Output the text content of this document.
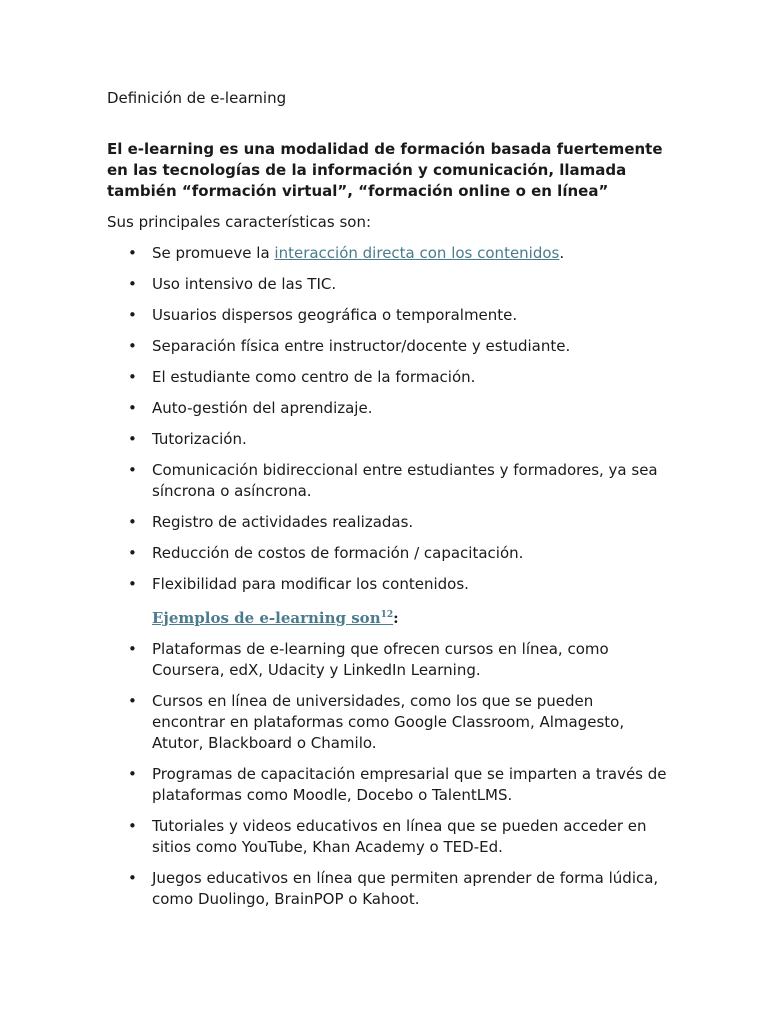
Definición de e-learning

El e-learning es una modalidad de formación basada fuertemente en las tecnologías de la información y comunicación, llamada también “formación virtual”, “formación online o en línea”

Sus principales características son:

• Se promueve la interacción directa con los contenidos.
• Uso intensivo de las TIC.
• Usuarios dispersos geográfica o temporalmente.
• Separación física entre instructor/docente y estudiante.
• El estudiante como centro de la formación.
• Auto-gestión del aprendizaje.
• Tutorización.
• Comunicación bidireccional entre estudiantes y formadores, ya sea síncrona o asíncrona.
• Registro de actividades realizadas.
• Reducción de costos de formación / capacitación.
• Flexibilidad para modificar los contenidos.

Ejemplos de e-learning son$^{12}$:

• Plataformas de e-learning que ofrecen cursos en línea, como Coursera, edX, Udacity y LinkedIn Learning.
• Cursos en línea de universidades, como los que se pueden encontrar en plataformas como Google Classroom, Almagesto, Atutor, Blackboard o Chamilo.
• Programas de capacitación empresarial que se imparten a través de plataformas como Moodle, Docebo o TalentLMS.
• Tutoriales y videos educativos en línea que se pueden acceder en sitios como YouTube, Khan Academy o TED-Ed.
• Juegos educativos en línea que permiten aprender de forma lúdica, como Duolingo, BrainPOP o Kahoot.
